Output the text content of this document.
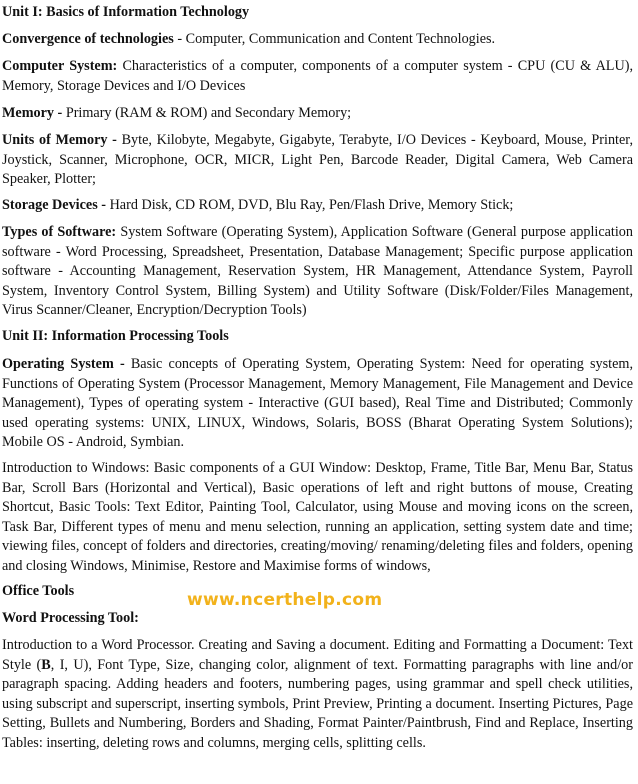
Unit I: Basics of Information Technology

Convergence of technologies - Computer, Communication and Content Technologies.

Computer System: Characteristics of a computer, components of a computer system - CPU (CU & ALU), Memory, Storage Devices and I/O Devices

Memory - Primary (RAM & ROM) and Secondary Memory;

Units of Memory - Byte, Kilobyte, Megabyte, Gigabyte, Terabyte, I/O Devices - Keyboard, Mouse, Printer, Joystick, Scanner, Microphone, OCR, MICR, Light Pen, Barcode Reader, Digital Camera, Web Camera Speaker, Plotter;

Storage Devices - Hard Disk, CD ROM, DVD, Blu Ray, Pen/Flash Drive, Memory Stick;

Types of Software: System Software (Operating System), Application Software (General purpose application software - Word Processing, Spreadsheet, Presentation, Database Management; Specific purpose application software - Accounting Management, Reservation System, HR Management, Attendance System, Payroll System, Inventory Control System, Billing System) and Utility Software (Disk/Folder/Files Management, Virus Scanner/Cleaner, Encryption/Decryption Tools)

Unit II: Information Processing Tools

Operating System - Basic concepts of Operating System, Operating System: Need for operating system, Functions of Operating System (Processor Management, Memory Management, File Management and Device Management), Types of operating system - Interactive (GUI based), Real Time and Distributed; Commonly used operating systems: UNIX, LINUX, Windows, Solaris, BOSS (Bharat Operating System Solutions); Mobile OS - Android, Symbian.

Introduction to Windows: Basic components of a GUI Window: Desktop, Frame, Title Bar, Menu Bar, Status Bar, Scroll Bars (Horizontal and Vertical), Basic operations of left and right buttons of mouse, Creating Shortcut, Basic Tools: Text Editor, Painting Tool, Calculator, using Mouse and moving icons on the screen, Task Bar, Different types of menu and menu selection, running an application, setting system date and time; viewing files, concept of folders and directories, creating/moving/ renaming/deleting files and folders, opening and closing Windows, Minimise, Restore and Maximise forms of windows,

Office Tools

Word Processing Tool:

Introduction to a Word Processor. Creating and Saving a document. Editing and Formatting a Document: Text Style (B, I, U), Font Type, Size, changing color, alignment of text. Formatting paragraphs with line and/or paragraph spacing. Adding headers and footers, numbering pages, using grammar and spell check utilities, using subscript and superscript, inserting symbols, Print Preview, Printing a document. Inserting Pictures, Page Setting, Bullets and Numbering, Borders and Shading, Format Painter/Paintbrush, Find and Replace, Inserting Tables: inserting, deleting rows and columns, merging cells, splitting cells.

www.ncerthelp.com
